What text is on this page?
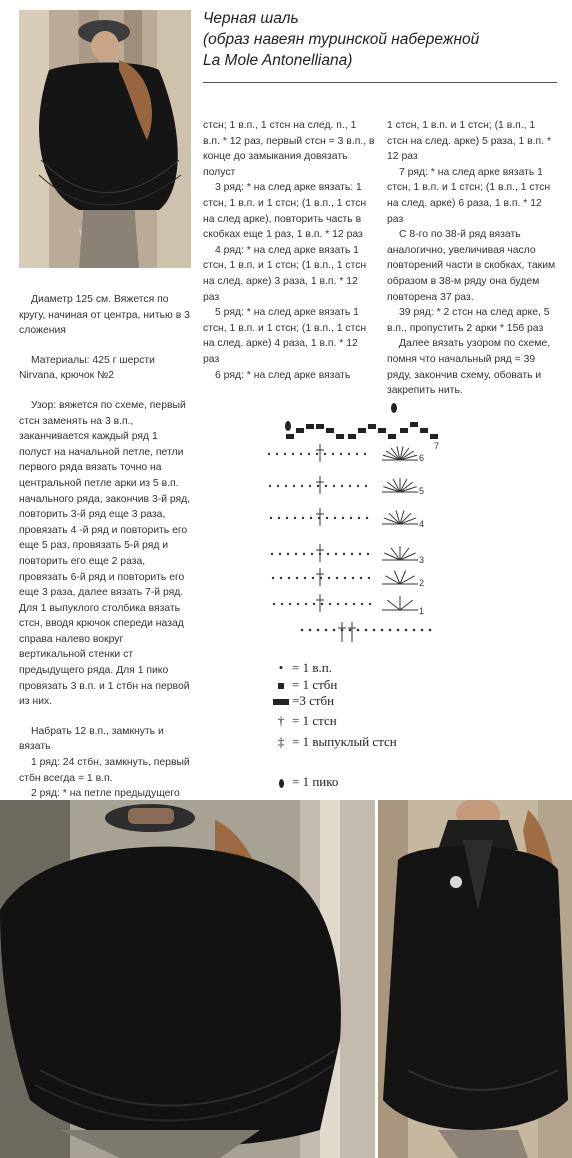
Черная шаль
(образ навеян туринской набережной
La Mole Antonelliana)

Диаметр 125 см. Вяжется по кругу, начиная от центра, нитью в 3 сложения

Материалы: 425 г шерсти Nirvana, крючок №2

Узор: вяжется по схеме, первый стсн заменять на 3 в.п., заканчивается каждый ряд 1 полуст на начальной петле, петли первого ряда вязать точно на центральной петле арки из 5 в.п. начального ряда, закончив 3-й ряд, повторить 3-й ряд еще 3 раза, провязать 4 -й ряд и повторить его еще 5 раз, провязать 5-й ряд и повторить его еще 2 раза, провязать 6-й ряд и повторить его еще 3 раза, далее вязать 7-й ряд. Для 1 выпуклого столбика вязать стсн, вводя крючок спереди назад справа налево вокруг вертикальной стенки ст предыдущего ряда. Для 1 пико провязать 3 в.п. и 1 стбн на первой из них.

Набрать 12 в.п., замкнуть и вязать

1 ряд: 24 стбн, замкнуть, первый стбн всегда = 1 в.п.

2 ряд: * на петле предыдущего

стсн; 1 в.п., 1 стсн на след. п., 1 в.п. * 12 раз, первый стсн = 3 в.п., в конце до замыкания довязать полуст

3 ряд: * на след арке вязать: 1 стсн, 1 в.п. и 1 стсн; (1 в.п., 1 стсн на след арке), повторить часть в скобках еще 1 раз, 1 в.п. * 12 раз

4 ряд: * на след арке вязать 1 стсн, 1 в.п. и 1 стсн; (1 в.п., 1 стсн на след. арке) 3 раза, 1 в.п. * 12 раз

5 ряд: * на след арке вязать 1 стсн, 1 в.п. и 1 стсн; (1 в.п., 1 стсн на след. арке) 4 раза, 1 в.п. * 12 раз

6 ряд: * на след арке вязать

1 стсн, 1 в.п. и 1 стсн; (1 в.п., 1 стсн на след. арке) 5 раза, 1 в.п. * 12 раз

7 ряд: * на след арке вязать 1 стсн, 1 в.п. и 1 стсн; (1 в.п., 1 стсн на след. арке) 6 раза, 1 в.п. * 12 раз

С 8-го по 38-й ряд вязать аналогично, увеличивая часло повторений части в скобках, таким образом в 38-м ряду она будем повторена 37 раз.

39 ряд: * 2 стсн на след арке, 5 в.п., пропустить 2 арки * 156 раз

Далее вязать узором по схеме, помня что начальный ряд = 39 ряду, закончив схему, обовать и закрепить нить.

1
2
3
4
5
6
7
• = 1 в.п.
= 1 стбн
=3 стбн
† = 1 стсн
‡ = 1 выпуклый стсн
= 1 пико
